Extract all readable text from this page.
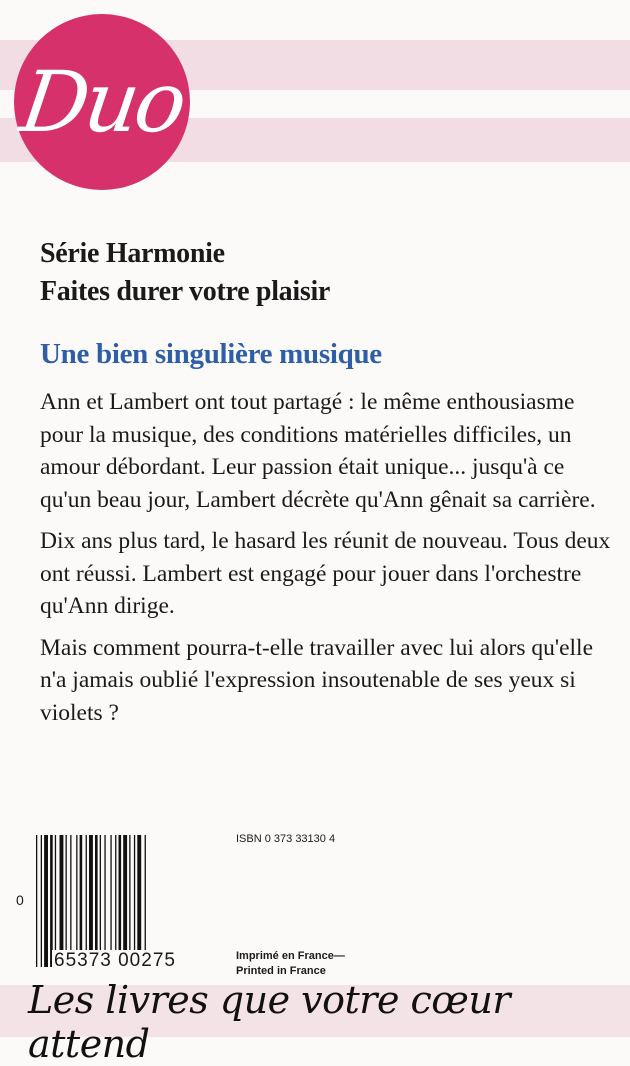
Duo
Série Harmonie
Faites durer votre plaisir
Une bien singulière musique

Ann et Lambert ont tout partagé : le même enthousiasme pour la musique, des conditions matérielles difficiles, un amour débordant. Leur passion était unique... jusqu'à ce qu'un beau jour, Lambert décrète qu'Ann gênait sa carrière.

Dix ans plus tard, le hasard les réunit de nouveau. Tous deux ont réussi. Lambert est engagé pour jouer dans l'orchestre qu'Ann dirige.

Mais comment pourra-t-elle travailler avec lui alors qu'elle n'a jamais oublié l'expression insoutenable de ses yeux si violets ?

ISBN 0 373 33130 4
0
65373 00275	Imprimé en France—
Printed in France
Les livres que votre cœur attend
